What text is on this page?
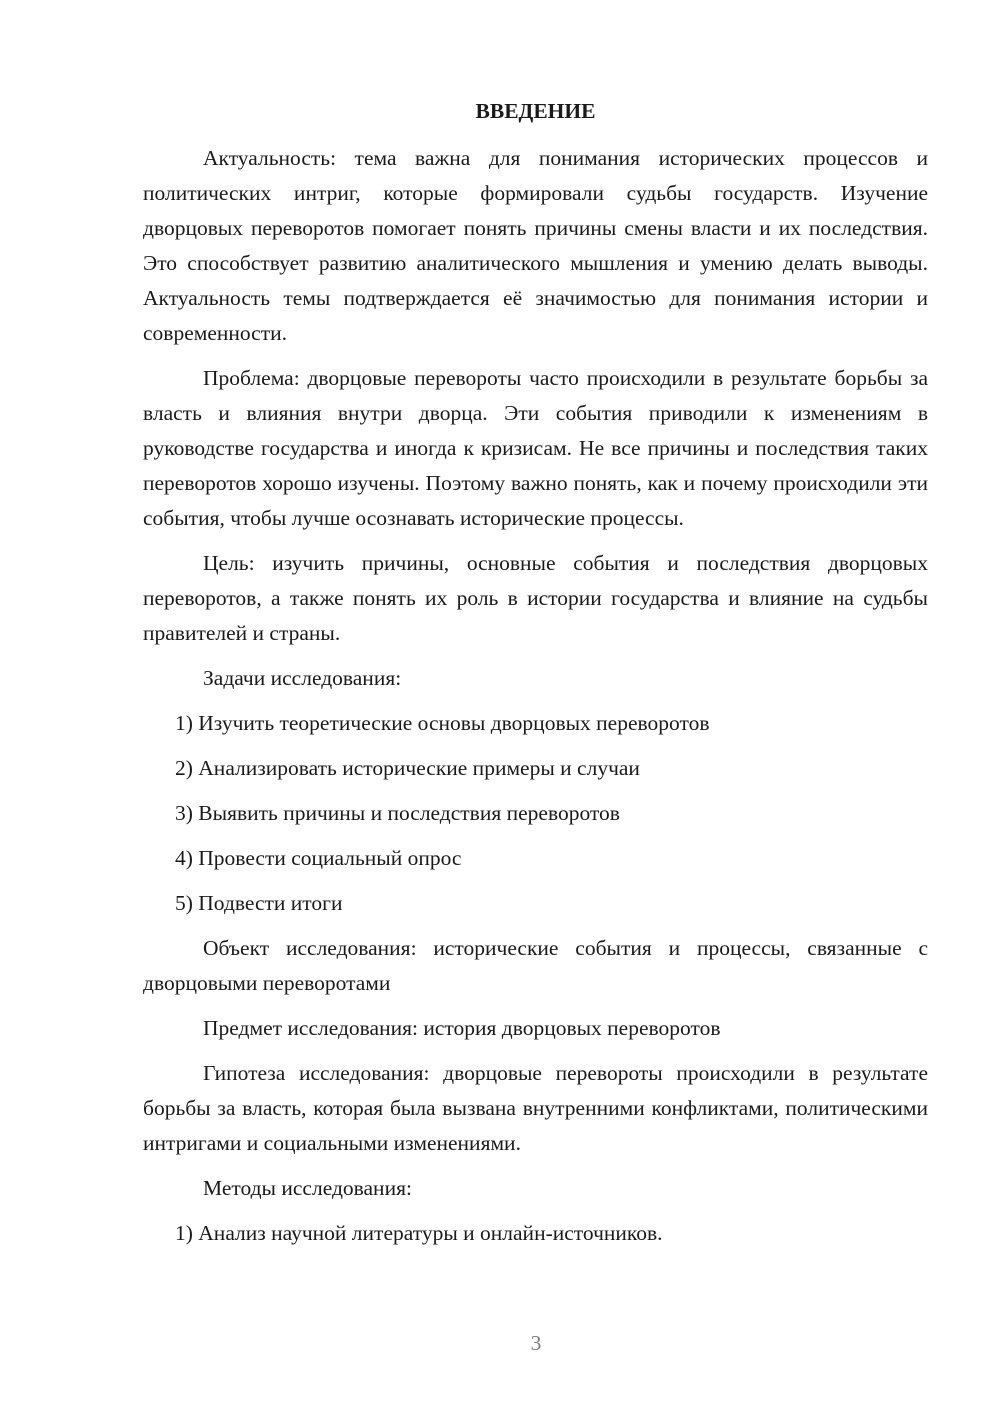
ВВЕДЕНИЕ

Актуальность: тема важна для понимания исторических процессов и политических интриг, которые формировали судьбы государств. Изучение дворцовых переворотов помогает понять причины смены власти и их последствия. Это способствует развитию аналитического мышления и умению делать выводы. Актуальность темы подтверждается её значимостью для понимания истории и современности.

Проблема: дворцовые перевороты часто происходили в результате борьбы за власть и влияния внутри дворца. Эти события приводили к изменениям в руководстве государства и иногда к кризисам. Не все причины и последствия таких переворотов хорошо изучены. Поэтому важно понять, как и почему происходили эти события, чтобы лучше осознавать исторические процессы.

Цель: изучить причины, основные события и последствия дворцовых переворотов, а также понять их роль в истории государства и влияние на судьбы правителей и страны.

Задачи исследования:

1) Изучить теоретические основы дворцовых переворотов

2) Анализировать исторические примеры и случаи

3) Выявить причины и последствия переворотов

4) Провести социальный опрос

5) Подвести итоги

Объект исследования: исторические события и процессы, связанные с дворцовыми переворотами

Предмет исследования: история дворцовых переворотов

Гипотеза исследования: дворцовые перевороты происходили в результате борьбы за власть, которая была вызвана внутренними конфликтами, политическими интригами и социальными изменениями.

Методы исследования:

1) Анализ научной литературы и онлайн-источников.

3
